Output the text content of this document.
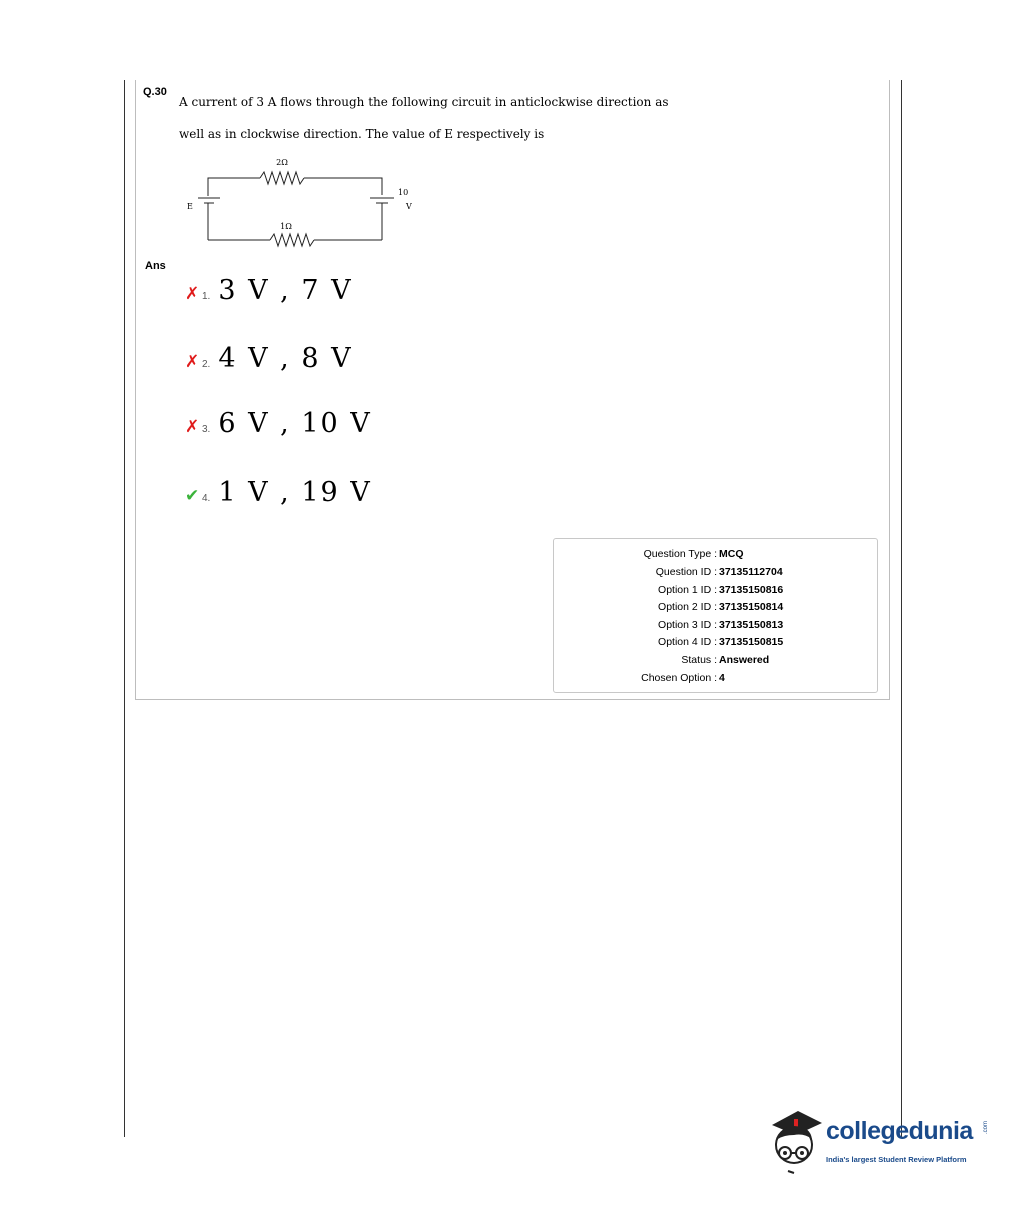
Q.30
A current of 3 A flows through the following circuit in anticlockwise direction as
well as in clockwise direction. The value of E respectively is
2Ω
1Ω
E
10
V
Ans
✗ 1. 3 V , 7 V
✗ 2. 4 V , 8 V
✗ 3. 6 V , 10 V
✔ 4. 1 V , 19 V
Question Type : MCQ
Question ID : 37135112704
Option 1 ID : 37135150816
Option 2 ID : 37135150814
Option 3 ID : 37135150813
Option 4 ID : 37135150815
Status : Answered
Chosen Option : 4
collegedunia .com
India's largest Student Review Platform
